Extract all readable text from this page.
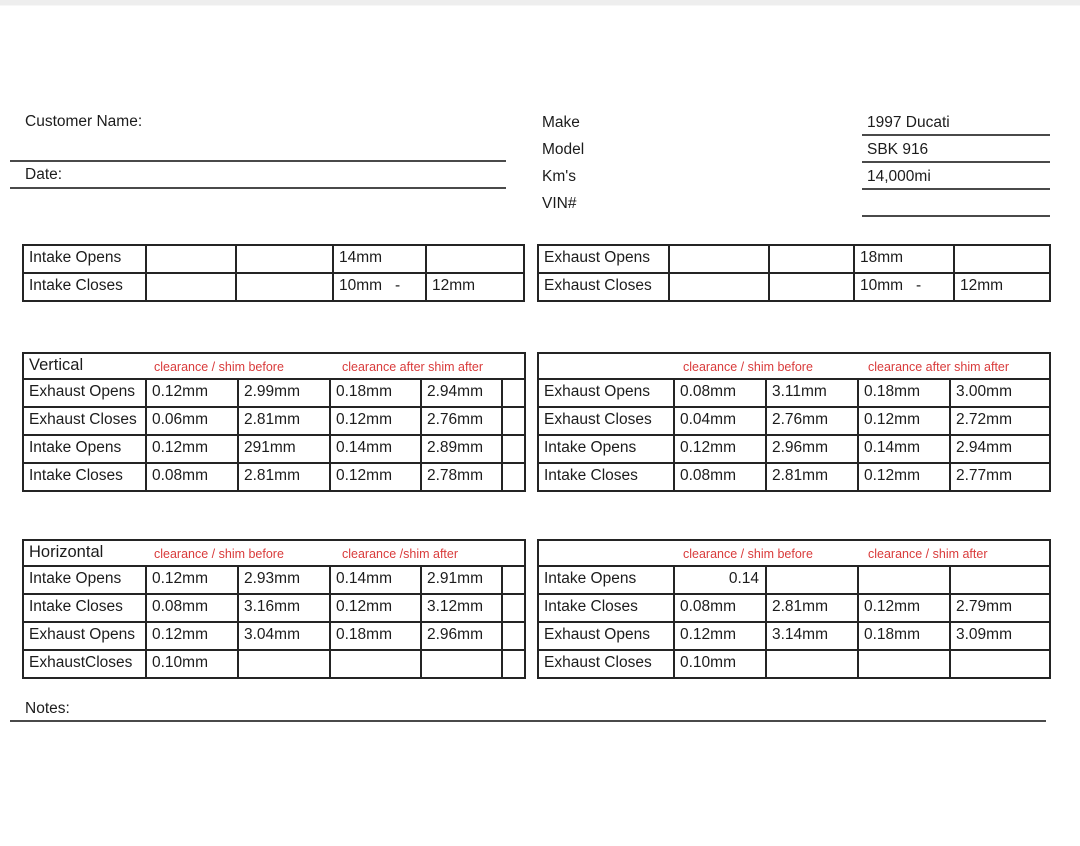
Customer Name:
Date:
Make
Model
Km's
VIN#
1997 Ducati
SBK 916
14,000mi
Intake Opens	14mm
Intake Closes	10mm   -	12mm
Exhaust Opens	18mm
Exhaust Closes	10mm   -	12mm
Vertical	clearance / shim before	clearance after shim after
Exhaust Opens	0.12mm	2.99mm	0.18mm	2.94mm
Exhaust Closes 0.06mm	2.81mm	0.12mm	2.76mm
Intake Opens	0.12mm	291mm	0.14mm	2.89mm
Intake Closes	0.08mm	2.81mm	0.12mm	2.78mm
clearance / shim before	clearance after shim after
Exhaust Opens	0.08mm	3.11mm	0.18mm	3.00mm
Exhaust Closes	0.04mm	2.76mm	0.12mm	2.72mm
Intake Opens	0.12mm	2.96mm	0.14mm	2.94mm
Intake Closes	0.08mm	2.81mm	0.12mm	2.77mm
Horizontal	clearance / shim before	clearance /shim after
Intake Opens	0.12mm	2.93mm	0.14mm	2.91mm
Intake Closes	0.08mm	3.16mm	0.12mm	3.12mm
Exhaust Opens	0.12mm	3.04mm	0.18mm	2.96mm
ExhaustCloses	0.10mm
clearance / shim before	clearance / shim after
Intake Opens	0.14
Intake Closes	0.08mm	2.81mm	0.12mm	2.79mm
Exhaust Opens	0.12mm	3.14mm	0.18mm	3.09mm
Exhaust Closes	0.10mm
Notes:
